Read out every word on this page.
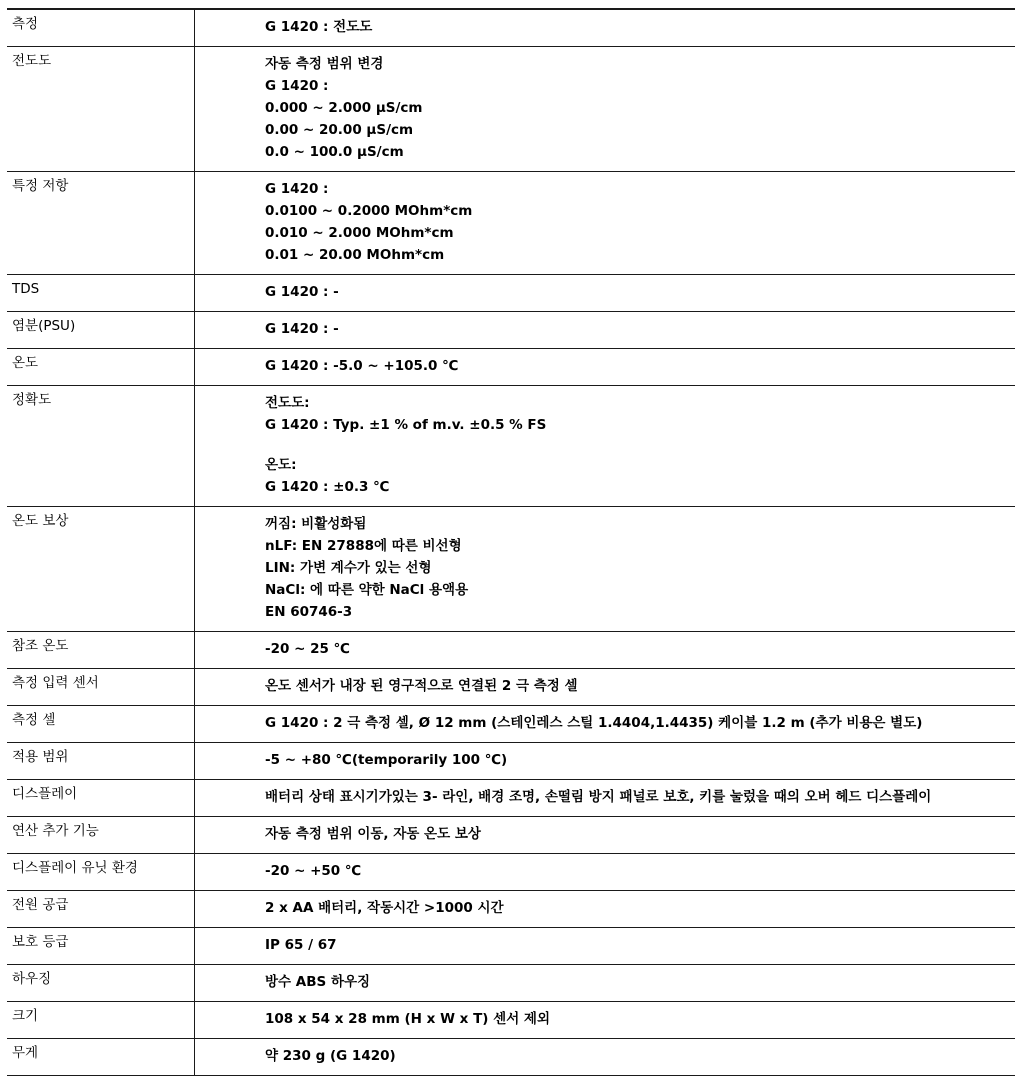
측정	G 1420 : 전도도

전도도	자동 측정 범위 변경
G 1420 :
0.000 ~ 2.000 µS/cm
0.00 ~ 20.00 µS/cm
0.0 ~ 100.0 µS/cm

특정 저항	G 1420 :
0.0100 ~ 0.2000 MOhm*cm
0.010 ~ 2.000 MOhm*cm
0.01 ~ 20.00 MOhm*cm

TDS	G 1420 : -

염분(PSU)	G 1420 : -

온도	G 1420 : -5.0 ~ +105.0 ℃

정확도	전도도:
G 1420 : Typ. ±1 % of m.v. ±0.5 % FS
온도:
G 1420 : ±0.3 ℃

온도 보상	꺼짐: 비활성화됨
nLF: EN 27888에 따른 비선형
LIN: 가변 계수가 있는 선형
NaCl: 에 따른 약한 NaCl 용액용
EN 60746-3

참조 온도	-20 ~ 25 ℃

측정 입력 센서	온도 센서가 내장 된 영구적으로 연결된 2 극 측정 셀

측정 셀	G 1420 : 2 극 측정 셀, Ø 12 mm (스테인레스 스틸 1.4404,1.4435) 케이블 1.2 m (추가 비용은 별도)

적용 범위	-5 ~ +80 ℃(temporarily 100 ℃)

디스플레이	배터리 상태 표시기가있는 3- 라인, 배경 조명, 손떨림 방지 패널로 보호, 키를 눌렀을 때의 오버 헤드 디스플레이

연산 추가 기능	자동 측정 범위 이동, 자동 온도 보상

디스플레이 유닛 환경	-20 ~ +50 ℃

전원 공급	2 x AA 배터리, 작동시간 >1000 시간

보호 등급	IP 65 / 67

하우징	방수 ABS 하우징

크기	108 x 54 x 28 mm (H x W x T) 센서 제외

무게	약 230 g (G 1420)
